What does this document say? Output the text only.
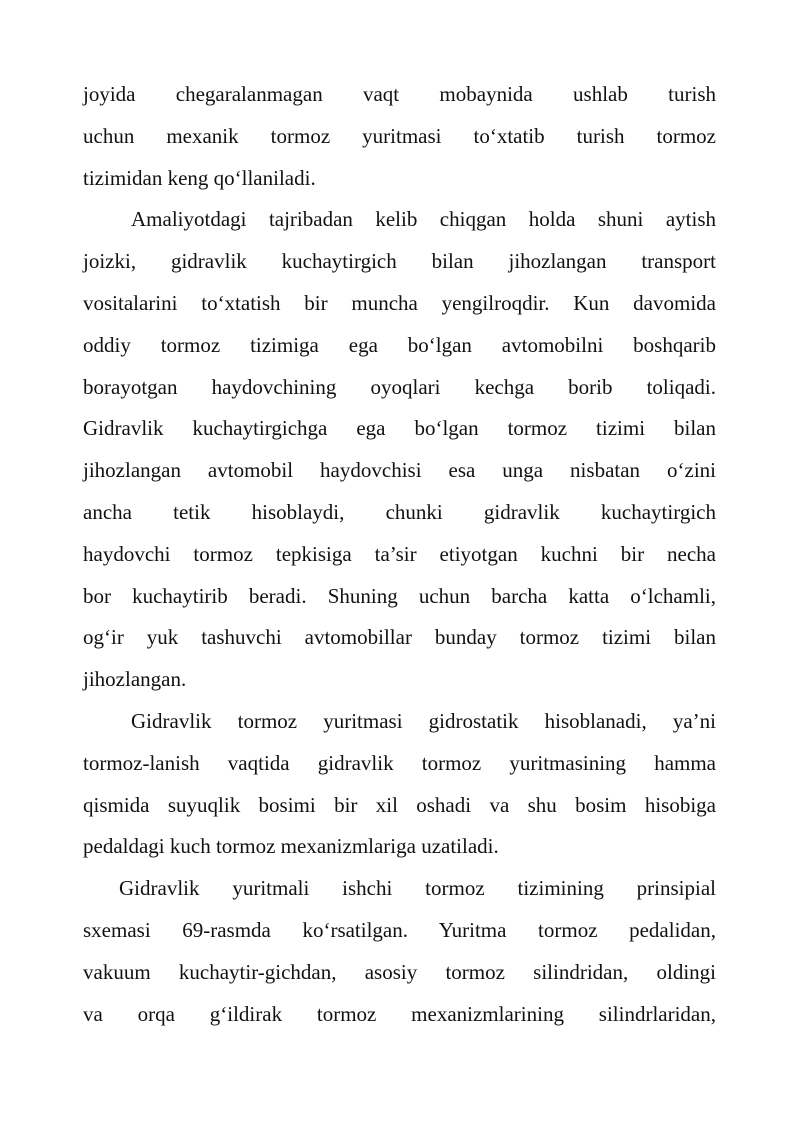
joyida chegaralanmagan vaqt mobaynida ushlab turish
uchun mexanik tormoz yuritmasi to‘xtatib turish tormoz
tizimidan keng qo‘llaniladi.
Amaliyotdagi tajribadan kelib chiqgan holda shuni aytish
joizki, gidravlik kuchaytirgich bilan jihozlangan transport
vositalarini to‘xtatish bir muncha yengilroqdir. Kun davomida
oddiy tormoz tizimiga ega bo‘lgan avtomobilni boshqarib
borayotgan haydovchining oyoqlari kechga borib toliqadi.
Gidravlik kuchaytirgichga ega bo‘lgan tormoz tizimi bilan
jihozlangan avtomobil haydovchisi esa unga nisbatan o‘zini
ancha tetik hisoblaydi, chunki gidravlik kuchaytirgich
haydovchi tormoz tepkisiga ta’sir etiyotgan kuchni bir necha
bor kuchaytirib beradi. Shuning uchun barcha katta o‘lchamli,
og‘ir yuk tashuvchi avtomobillar bunday tormoz tizimi bilan
jihozlangan.
Gidravlik tormoz yuritmasi gidrostatik hisoblanadi, ya’ni
tormoz-lanish vaqtida gidravlik tormoz yuritmasining hamma
qismida suyuqlik bosimi bir xil oshadi va shu bosim hisobiga
pedaldagi kuch tormoz mexanizmlariga uzatiladi.
Gidravlik yuritmali ishchi tormoz tizimining prinsipial
sxemasi 69-rasmda ko‘rsatilgan. Yuritma tormoz pedalidan,
vakuum kuchaytir-gichdan, asosiy tormoz silindridan, oldingi
va orqa g‘ildirak tormoz mexanizmlarining silindrlaridan,
